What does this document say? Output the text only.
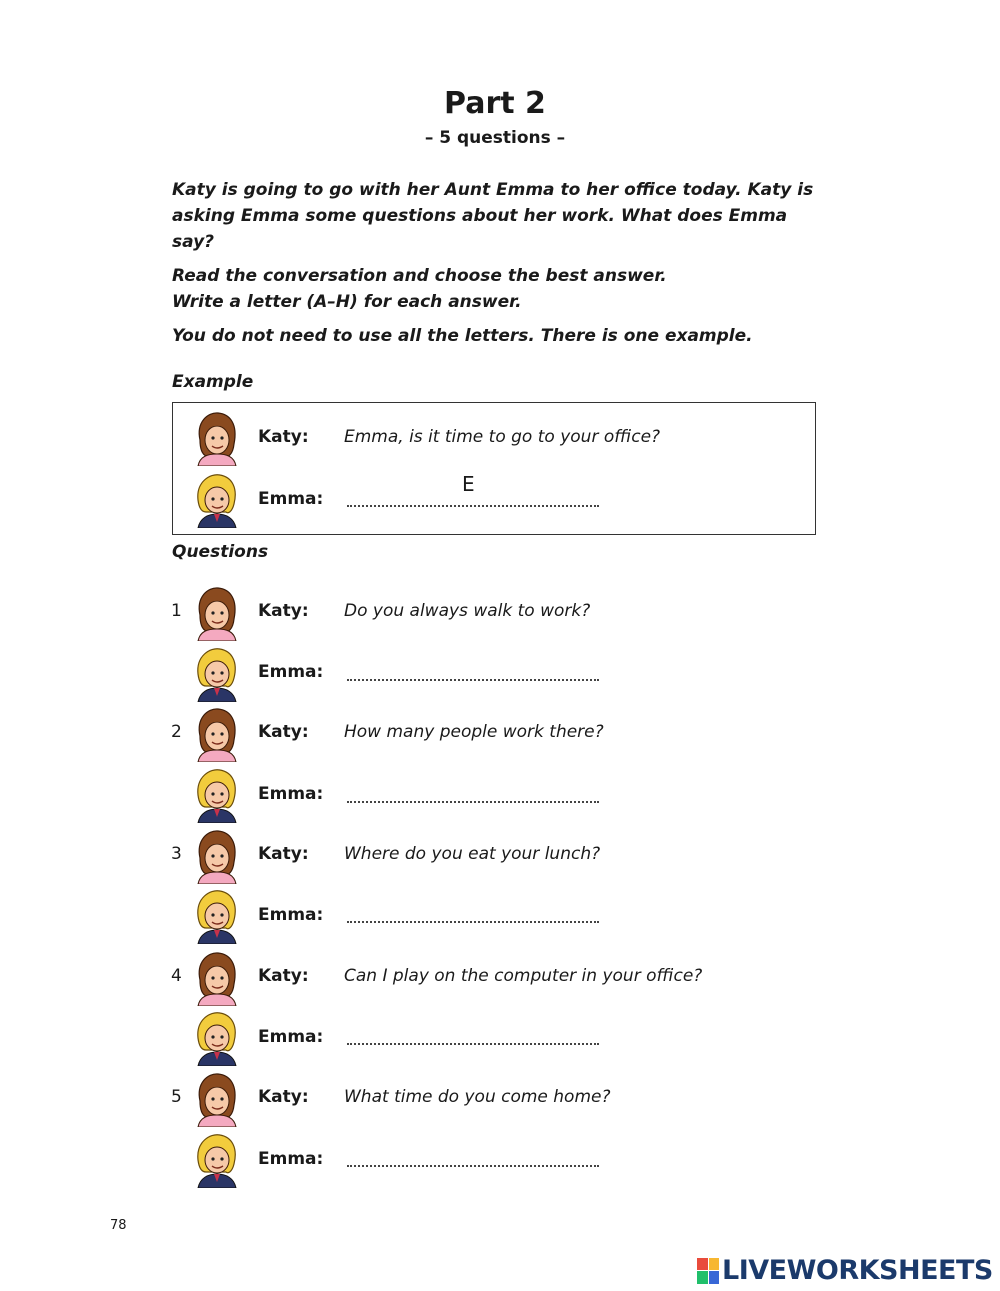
Part 2
– 5 questions –
Katy is going to go with her Aunt Emma to her office today. Katy is asking Emma some questions about her work. What does Emma say?
Read the conversation and choose the best answer.
Write a letter (A–H) for each answer.
You do not need to use all the letters. There is one example.
Example
Katy: Emma, is it time to go to your office?
Emma:
E
Questions
1	Katy: Do you always walk to work?
Emma:
2	Katy: How many people work there?
Emma:
3	Katy: Where do you eat your lunch?
Emma:
4	Katy: Can I play on the computer in your office?
Emma:
5	Katy: What time do you come home?
Emma:
78
LIVEWORKSHEETS
